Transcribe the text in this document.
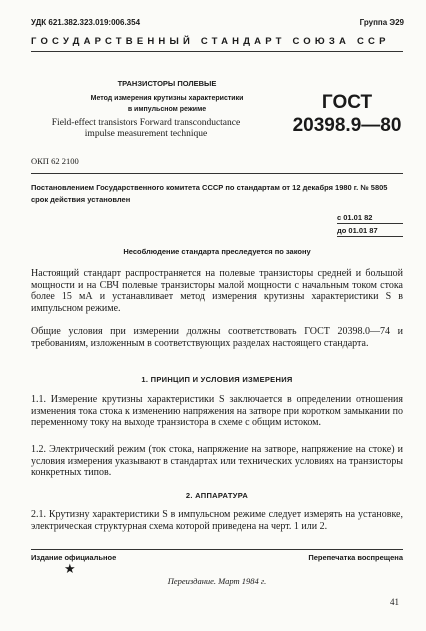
УДК 621.382.323.019:006.354	Группа Э29
ГОСУДАРСТВЕННЫЙ СТАНДАРТ СОЮЗА ССР
ТРАНЗИСТОРЫ ПОЛЕВЫЕ
Метод измерения крутизны характеристики
в импульсном режиме
Field-effect transistors Forward transconductance
impulse measurement technique
ГОСТ
20398.9—80
ОКП 62 2100
Постановлением Государственного комитета СССР по стандартам от 12 декабря 1980 г. № 5805 срок действия установлен
с 01.01 82
до 01.01 87
Несоблюдение стандарта преследуется по закону
Настоящий стандарт распространяется на полевые транзисторы средней и большой мощности и на СВЧ полевые транзисторы малой мощности с начальным током стока более 15 мА и устанавливает метод измерения крутизны характеристики S в импульсном режиме.
Общие условия при измерении должны соответствовать ГОСТ 20398.0—74 и требованиям, изложенным в соответствующих разделах настоящего стандарта.
1. ПРИНЦИП И УСЛОВИЯ ИЗМЕРЕНИЯ
1.1. Измерение крутизны характеристики S заключается в определении отношения изменения тока стока к изменению напряжения на затворе при коротком замыкании по переменному току на выходе транзистора в схеме с общим истоком.
1.2. Электрический режим (ток стока, напряжение на затворе, напряжение на стоке) и условия измерения указывают в стандартах или технических условиях на транзисторы конкретных типов.
2. АППАРАТУРА
2.1. Крутизну характеристики S в импульсном режиме следует измерять на установке, электрическая структурная схема которой приведена на черт. 1 или 2.
Издание официальное	Перепечатка воспрещена
★
Переиздание. Март 1984 г.
41
